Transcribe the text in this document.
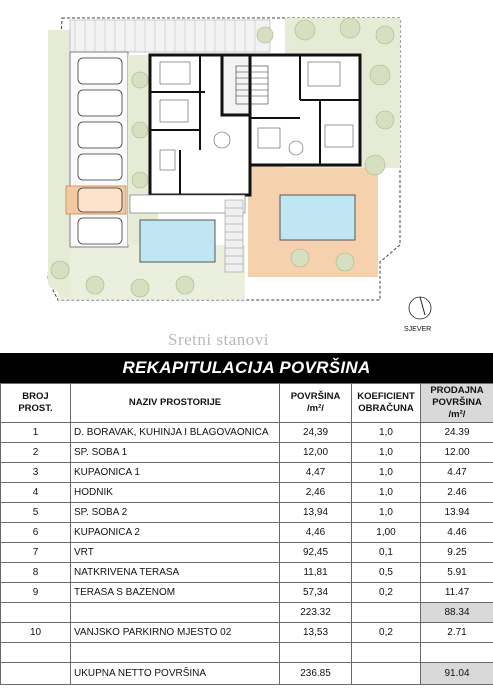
Sretni stanovi
SJEVER
REKAPITULACIJA POVRŠINA
BROJ PROST.	NAZIV PROSTORIJE	POVRŠINA /m²/	KOEFICIENT OBRAČUNA	PRODAJNA POVRŠINA /m²/
1	D. BORAVAK, KUHINJA I BLAGOVAONICA	24,39	1,0	24.39
2	SP. SOBA 1	12,00	1,0	12.00
3	KUPAONICA 1	4,47	1,0	4.47
4	HODNIK	2,46	1,0	2.46
5	SP. SOBA 2	13,94	1,0	13.94
6	KUPAONICA 2	4,46	1,00	4.46
7	VRT	92,45	0,1	9.25
8	NATKRIVENA TERASA	11,81	0,5	5.91
9	TERASA S BAZENOM	57,34	0,2	11.47
		223.32		88.34
10	VANJSKO PARKIRNO MJESTO 02	13,53	0,2	2.71

	UKUPNA NETTO POVRŠINA	236.85		91.04
